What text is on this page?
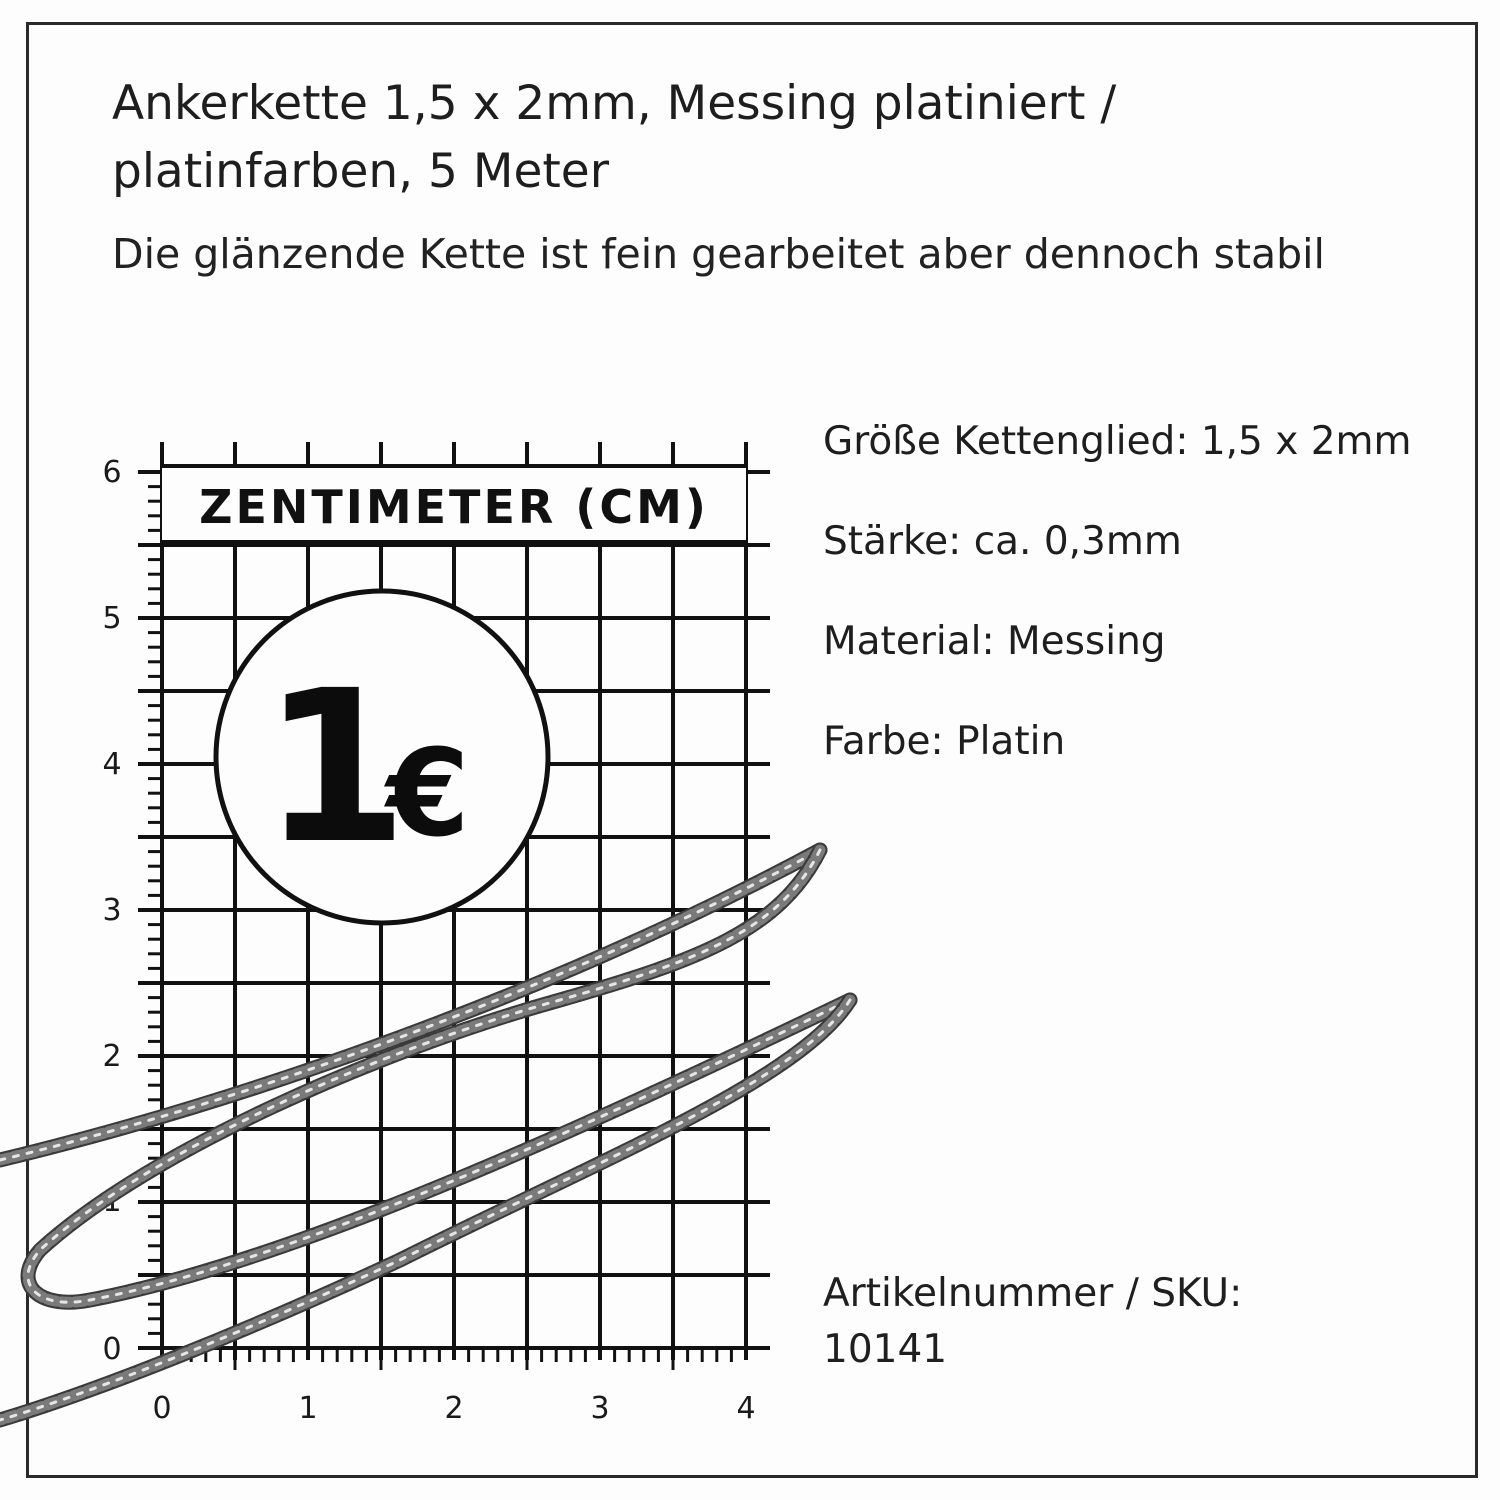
Ankerkette 1,5 x 2mm, Messing platiniert / platinfarben, 5 Meter

Die glänzende Kette ist fein gearbeitet aber dennoch stabil

Größe Kettenglied: 1,5 x 2mm
Stärke: ca. 0,3mm
Material: Messing
Farbe: Platin
Artikelnummer / SKU:
10141
ZENTIMETER (CM)
0
1
2
3
4
5
6
0	1	2	3	4
1
€
